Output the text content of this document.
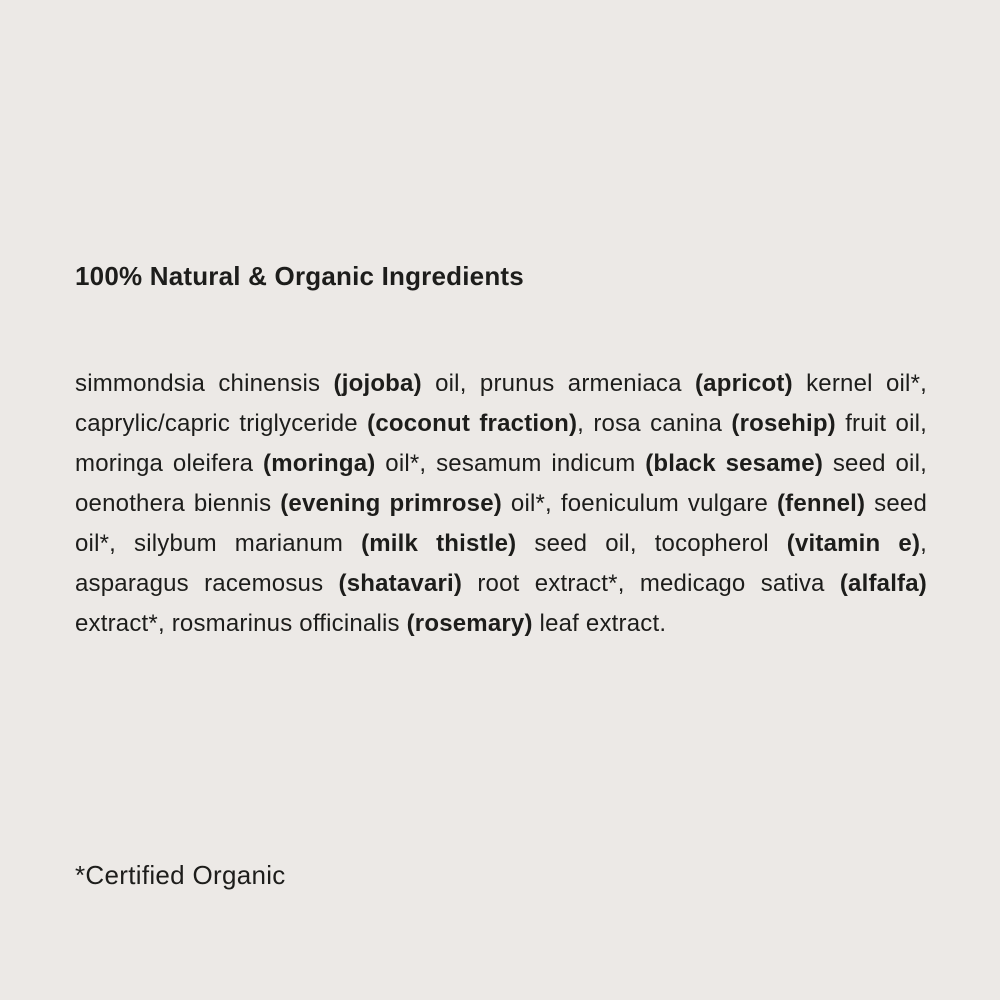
100% Natural & Organic Ingredients

simmondsia chinensis (jojoba) oil, prunus armeniaca (apricot) kernel oil*, caprylic/capric triglyceride (coconut fraction), rosa canina (rosehip) fruit oil, moringa oleifera (moringa) oil*, sesamum indicum (black sesame) seed oil, oenothera biennis (evening primrose) oil*, foeniculum vulgare (fennel) seed oil*, silybum marianum (milk thistle) seed oil, tocopherol (vitamin e), asparagus racemosus (shatavari) root extract*, medicago sativa (alfalfa) extract*, rosmarinus officinalis (rosemary) leaf extract.

*Certified Organic
